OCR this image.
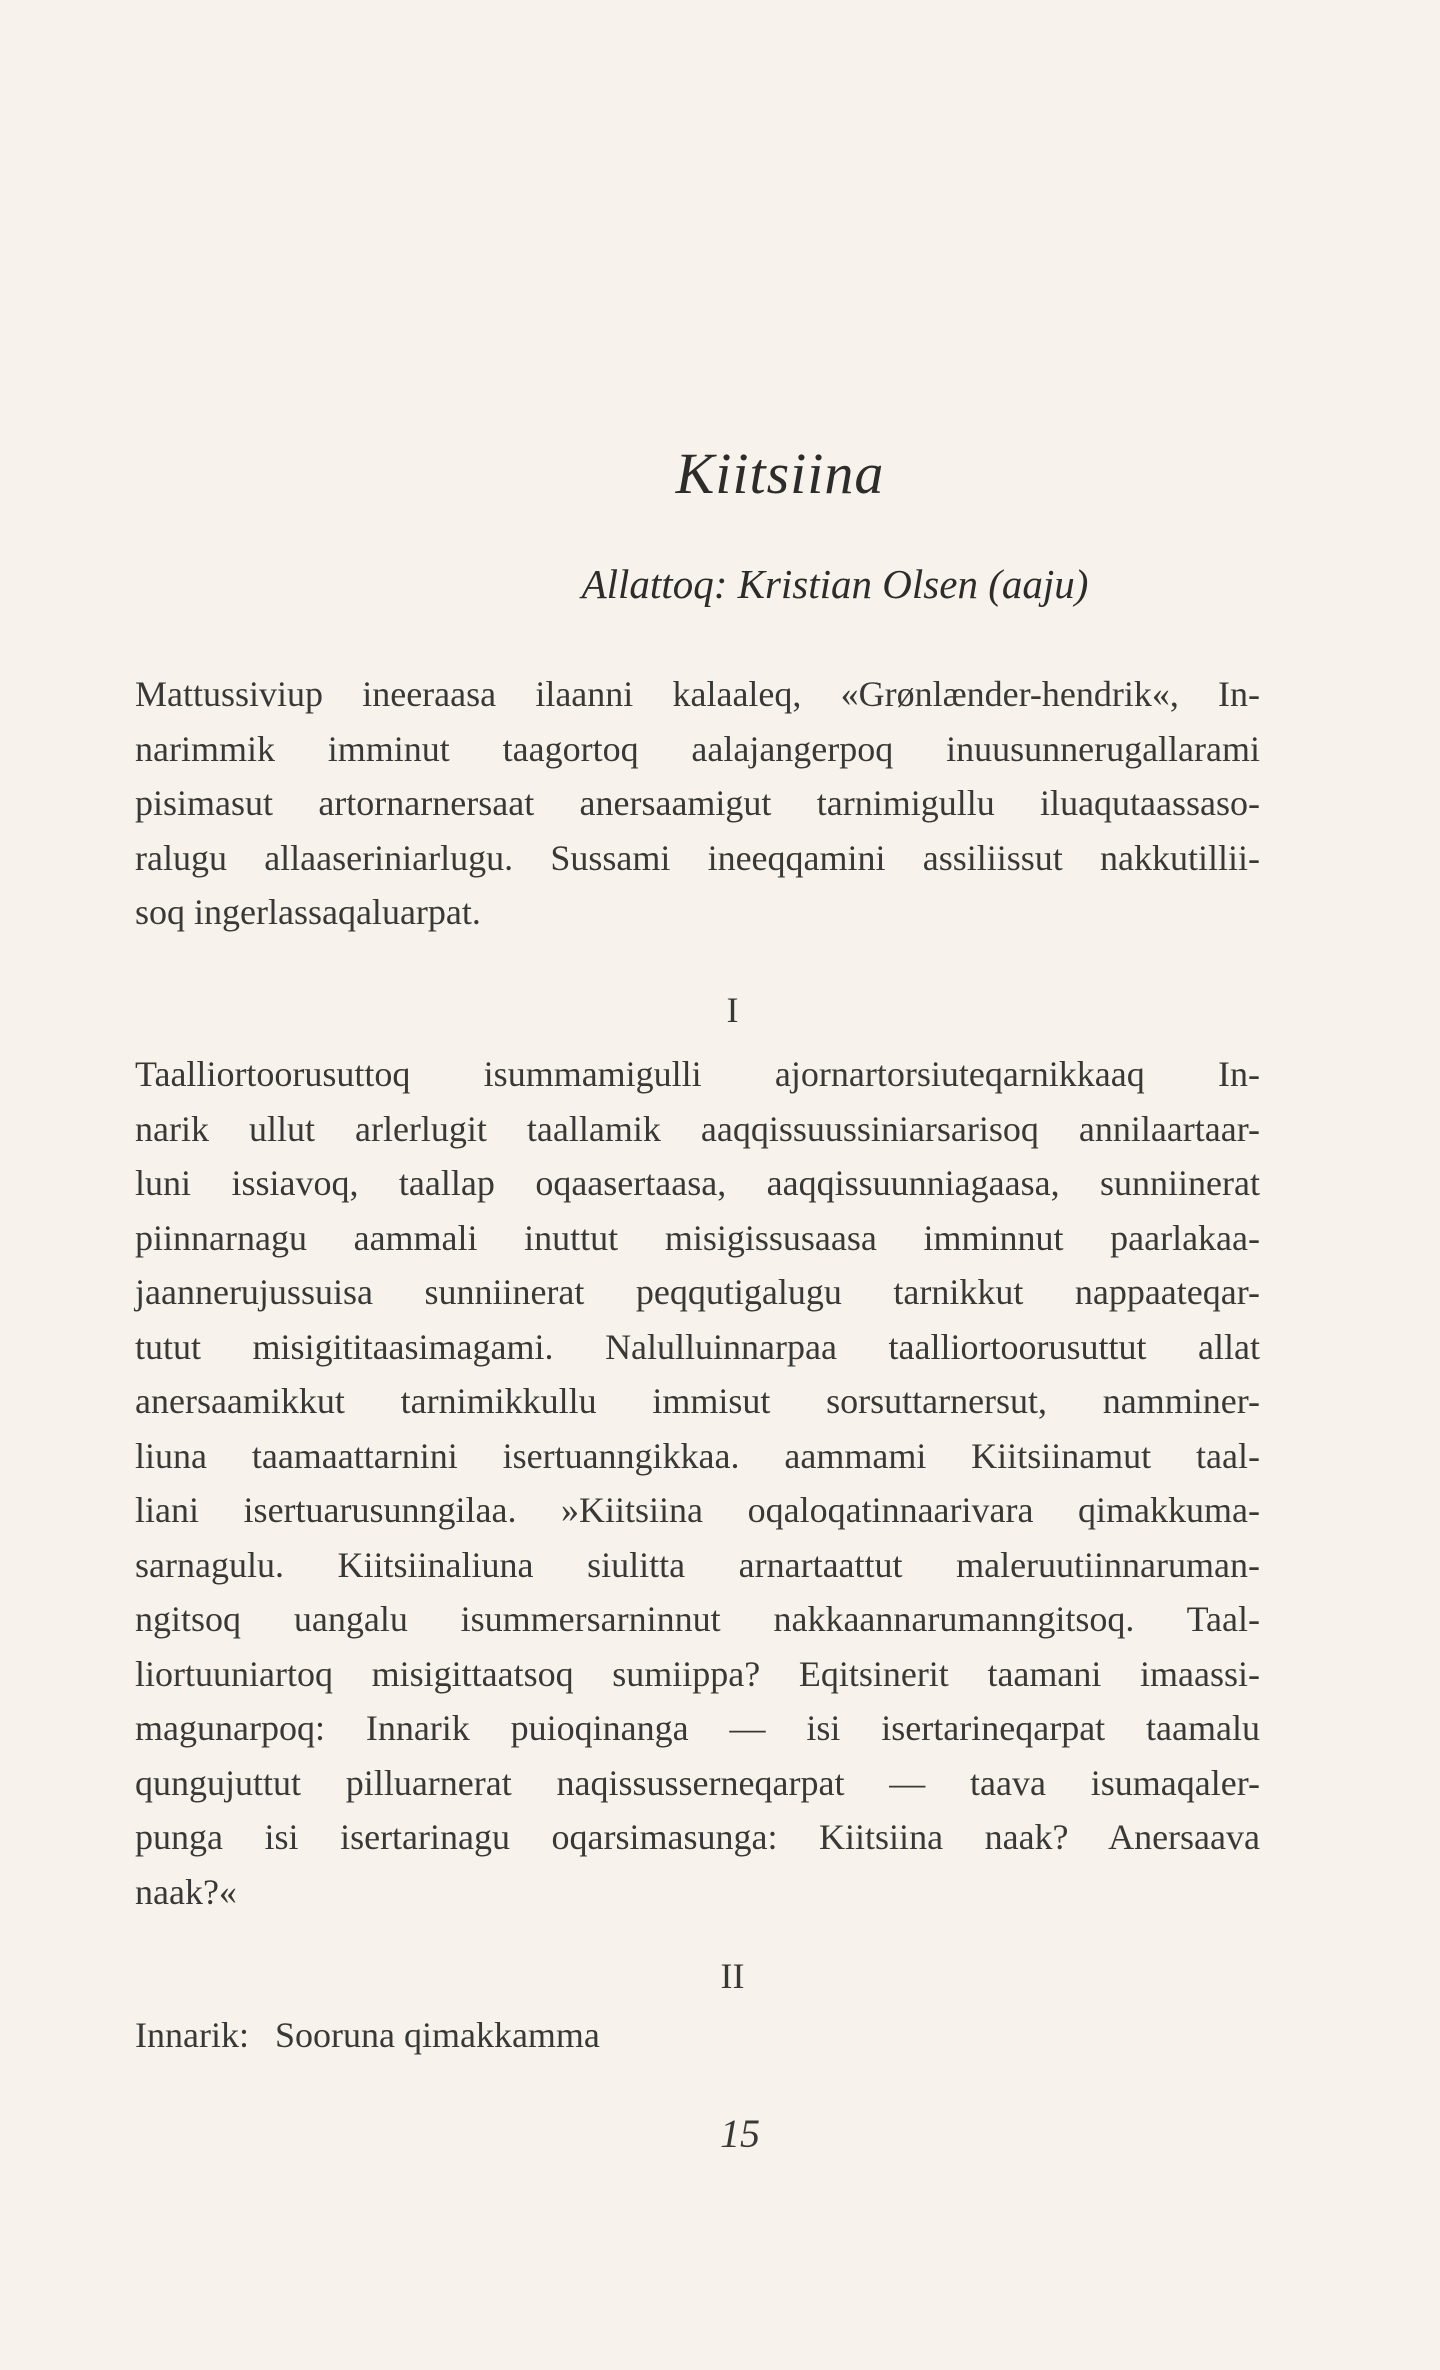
Kiitsiina

Allattoq: Kristian Olsen (aaju)

Mattussiviup ineeraasa ilaanni kalaaleq, «Grønlænder-hendrik«, In-
narimmik imminut taagortoq aalajangerpoq inuusunnerugallarami
pisimasut artornarnersaat anersaamigut tarnimigullu iluaqutaassaso-
ralugu allaaseriniarlugu. Sussami ineeqqamini assiliissut nakkutillii-
soq ingerlassaqaluarpat.

I

Taalliortoorusuttoq isummamigulli ajornartorsiuteqarnikkaaq In-
narik ullut arlerlugit taallamik aaqqissuussiniarsarisoq annilaartaar-
luni issiavoq, taallap oqaasertaasa, aaqqissuunniagaasa, sunniinerat
piinnarnagu aammali inuttut misigissusaasa imminnut paarlakaa-
jaannerujussuisa sunniinerat peqqutigalugu tarnikkut nappaateqar-
tutut misigititaasimagami. Nalulluinnarpaa taalliortoorusuttut allat
anersaamikkut tarnimikkullu immisut sorsuttarnersut, namminer-
liuna taamaattarnini isertuanngikkaa. aammami Kiitsiinamut taal-
liani isertuarusunngilaa. »Kiitsiina oqaloqatinnaarivara qimakkuma-
sarnagulu. Kiitsiinaliuna siulitta arnartaattut maleruutiinnaruman-
ngitsoq uangalu isummersarninnut nakkaannarumanngitsoq. Taal-
liortuuniartoq misigittaatsoq sumiippa? Eqitsinerit taamani imaassi-
magunarpoq: Innarik puioqinanga — isi isertarineqarpat taamalu
qungujuttut pilluarnerat naqissusserneqarpat — taava isumaqaler-
punga isi isertarinagu oqarsimasunga: Kiitsiina naak? Anersaava
naak?«

II

Innarik: Sooruna qimakkamma

15
